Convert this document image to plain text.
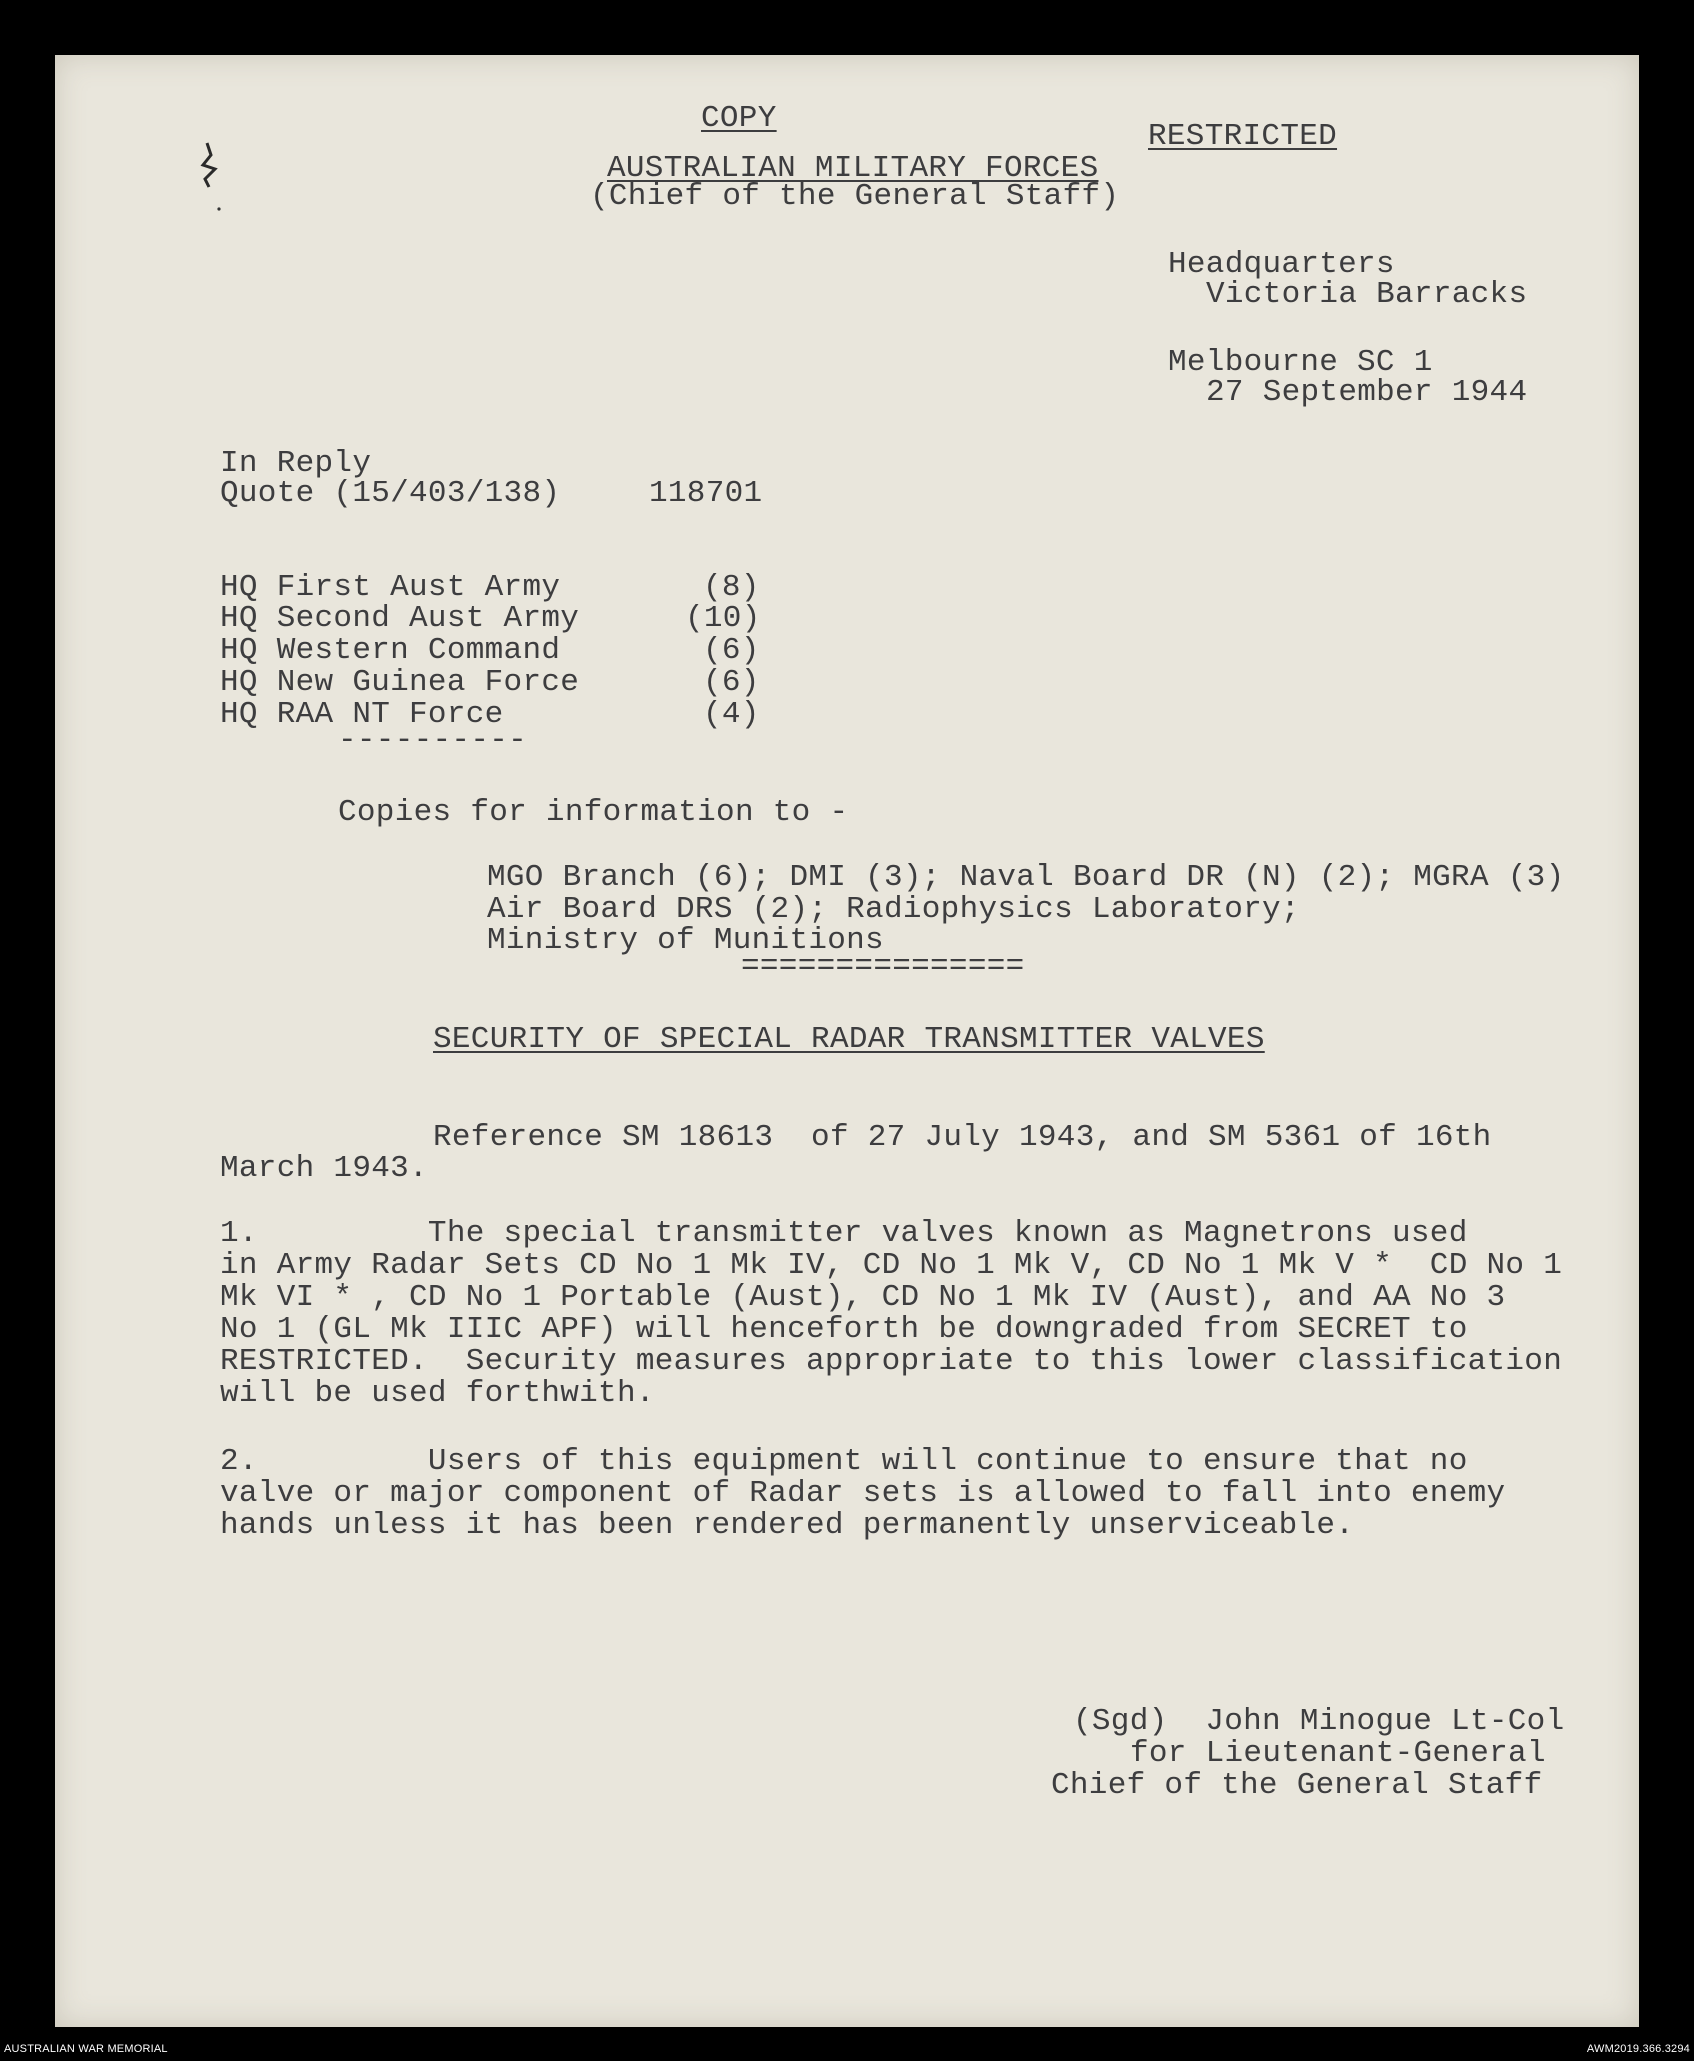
COPY
RESTRICTED
AUSTRALIAN MILITARY FORCES
(Chief of the General Staff)
Headquarters
Victoria Barracks
Melbourne SC 1
27 September 1944
In Reply
Quote (15/403/138)	118701
HQ First Aust Army	(8)
HQ Second Aust Army	(10)
HQ Western Command	(6)
HQ New Guinea Force	(6)
HQ RAA NT Force	(4)
----------
Copies for information to -
MGO Branch (6); DMI (3); Naval Board DR (N) (2); MGRA (3)
Air Board DRS (2); Radiophysics Laboratory;
Ministry of Munitions
===============
SECURITY OF SPECIAL RADAR TRANSMITTER VALVES
Reference SM 18613  of 27 July 1943, and SM 5361 of 16th
March 1943.
1.         The special transmitter valves known as Magnetrons used
in Army Radar Sets CD No 1 Mk IV, CD No 1 Mk V, CD No 1 Mk V *  CD No 1
Mk VI * , CD No 1 Portable (Aust), CD No 1 Mk IV (Aust), and AA No 3
No 1 (GL Mk IIIC APF) will henceforth be downgraded from SECRET to
RESTRICTED.  Security measures appropriate to this lower classification
will be used forthwith.
2.         Users of this equipment will continue to ensure that no
valve or major component of Radar sets is allowed to fall into enemy
hands unless it has been rendered permanently unserviceable.
(Sgd)  John Minogue Lt-Col
for Lieutenant-General
Chief of the General Staff
AUSTRALIAN WAR MEMORIAL	AWM2019.366.3294
